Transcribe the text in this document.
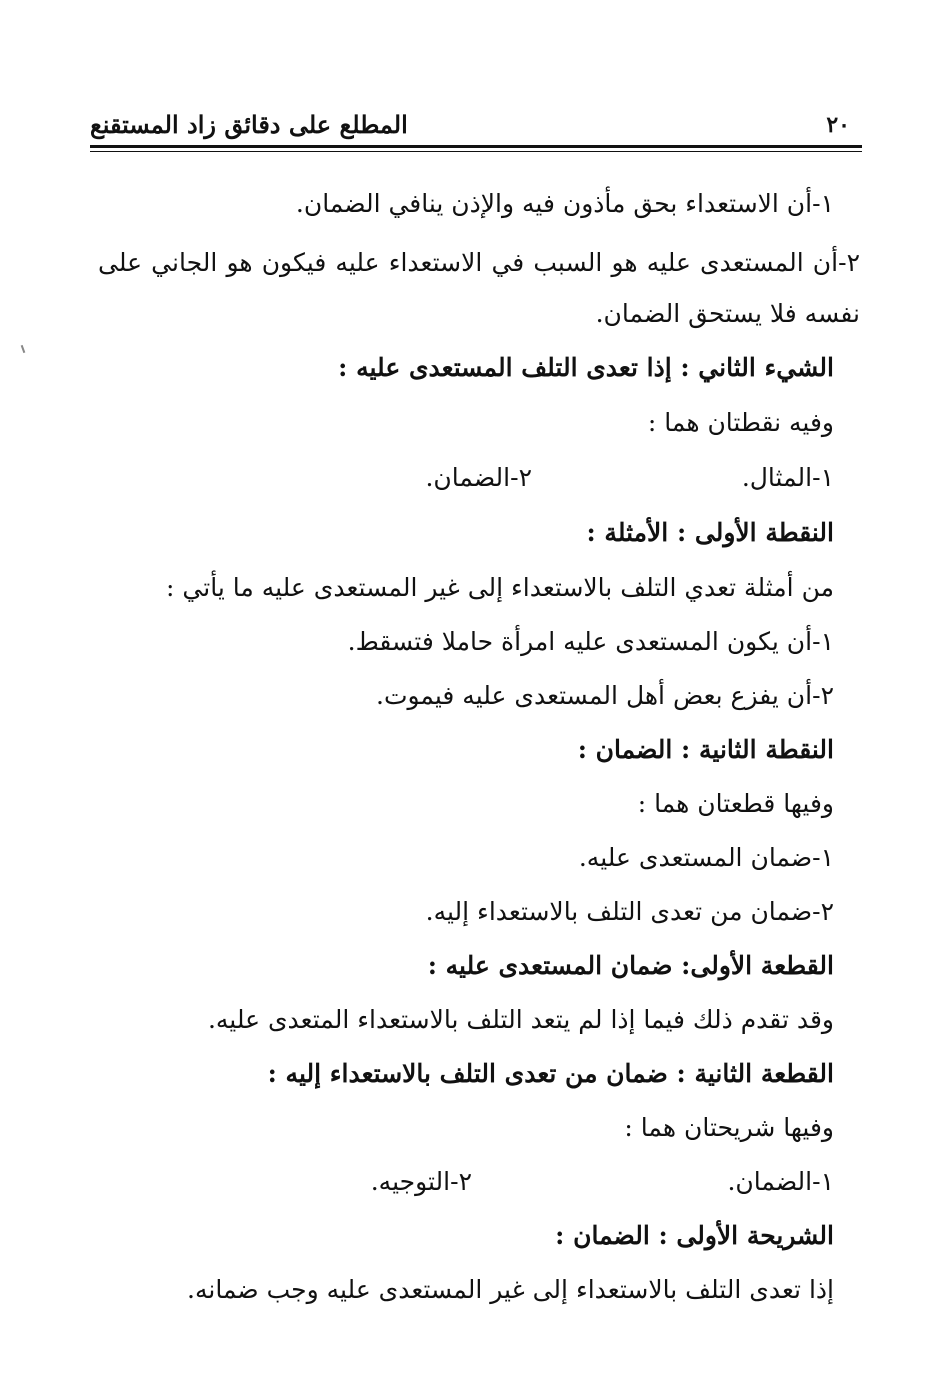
٢٠
المطلع على دقائق زاد المستقنع
١-أن الاستعداء بحق مأذون فيه والإذن ينافي الضمان.
٢-أن المستعدى عليه هو السبب في الاستعداء عليه فيكون هو الجاني على
نفسه فلا يستحق الضمان.
الشيء الثاني : إذا تعدى التلف المستعدى عليه :
وفيه نقطتان هما :
١-المثال.
٢-الضمان.
النقطة الأولى : الأمثلة :
من أمثلة تعدي التلف بالاستعداء إلى غير المستعدى عليه ما يأتي :
١-أن يكون المستعدى عليه امرأة حاملا فتسقط.
٢-أن يفزع بعض أهل المستعدى عليه فيموت.
النقطة الثانية : الضمان :
وفيها قطعتان هما :
١-ضمان المستعدى عليه.
٢-ضمان من تعدى التلف بالاستعداء إليه.
القطعة الأولى: ضمان المستعدى عليه :
وقد تقدم ذلك فيما إذا لم يتعد التلف بالاستعداء المتعدى عليه.
القطعة الثانية : ضمان من تعدى التلف بالاستعداء إليه :
وفيها شريحتان هما :
١-الضمان.
٢-التوجيه.
الشريحة الأولى : الضمان :
إذا تعدى التلف بالاستعداء إلى غير المستعدى عليه وجب ضمانه.
